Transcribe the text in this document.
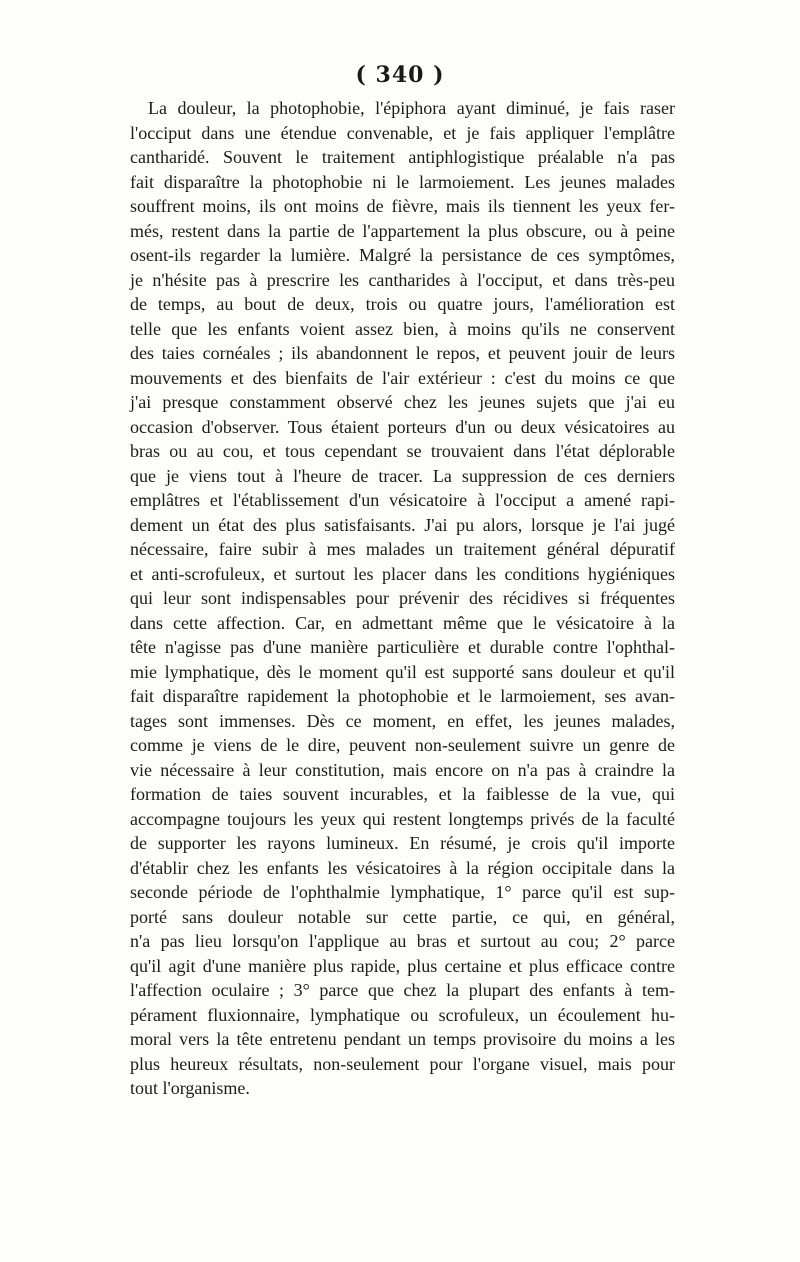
( 340 )
La douleur, la photophobie, l'épiphora ayant diminué, je fais raser
l'occiput dans une étendue convenable, et je fais appliquer l'emplâtre
cantharidé. Souvent le traitement antiphlogistique préalable n'a pas
fait disparaître la photophobie ni le larmoiement. Les jeunes malades
souffrent moins, ils ont moins de fièvre, mais ils tiennent les yeux fer-
més, restent dans la partie de l'appartement la plus obscure, ou à peine
osent-ils regarder la lumière. Malgré la persistance de ces symptômes,
je n'hésite pas à prescrire les cantharides à l'occiput, et dans très-peu
de temps, au bout de deux, trois ou quatre jours, l'amélioration est
telle que les enfants voient assez bien, à moins qu'ils ne conservent
des taies cornéales ; ils abandonnent le repos, et peuvent jouir de leurs
mouvements et des bienfaits de l'air extérieur : c'est du moins ce que
j'ai presque constamment observé chez les jeunes sujets que j'ai eu
occasion d'observer. Tous étaient porteurs d'un ou deux vésicatoires au
bras ou au cou, et tous cependant se trouvaient dans l'état déplorable
que je viens tout à l'heure de tracer. La suppression de ces derniers
emplâtres et l'établissement d'un vésicatoire à l'occiput a amené rapi-
dement un état des plus satisfaisants. J'ai pu alors, lorsque je l'ai jugé
nécessaire, faire subir à mes malades un traitement général dépuratif
et anti-scrofuleux, et surtout les placer dans les conditions hygiéniques
qui leur sont indispensables pour prévenir des récidives si fréquentes
dans cette affection. Car, en admettant même que le vésicatoire à la
tête n'agisse pas d'une manière particulière et durable contre l'ophthal-
mie lymphatique, dès le moment qu'il est supporté sans douleur et qu'il
fait disparaître rapidement la photophobie et le larmoiement, ses avan-
tages sont immenses. Dès ce moment, en effet, les jeunes malades,
comme je viens de le dire, peuvent non-seulement suivre un genre de
vie nécessaire à leur constitution, mais encore on n'a pas à craindre la
formation de taies souvent incurables, et la faiblesse de la vue, qui
accompagne toujours les yeux qui restent longtemps privés de la faculté
de supporter les rayons lumineux. En résumé, je crois qu'il importe
d'établir chez les enfants les vésicatoires à la région occipitale dans la
seconde période de l'ophthalmie lymphatique, 1° parce qu'il est sup-
porté sans douleur notable sur cette partie, ce qui, en général,
n'a pas lieu lorsqu'on l'applique au bras et surtout au cou; 2° parce
qu'il agit d'une manière plus rapide, plus certaine et plus efficace contre
l'affection oculaire ; 3° parce que chez la plupart des enfants à tem-
pérament fluxionnaire, lymphatique ou scrofuleux, un écoulement hu-
moral vers la tête entretenu pendant un temps provisoire du moins a les
plus heureux résultats, non-seulement pour l'organe visuel, mais pour
tout l'organisme.
